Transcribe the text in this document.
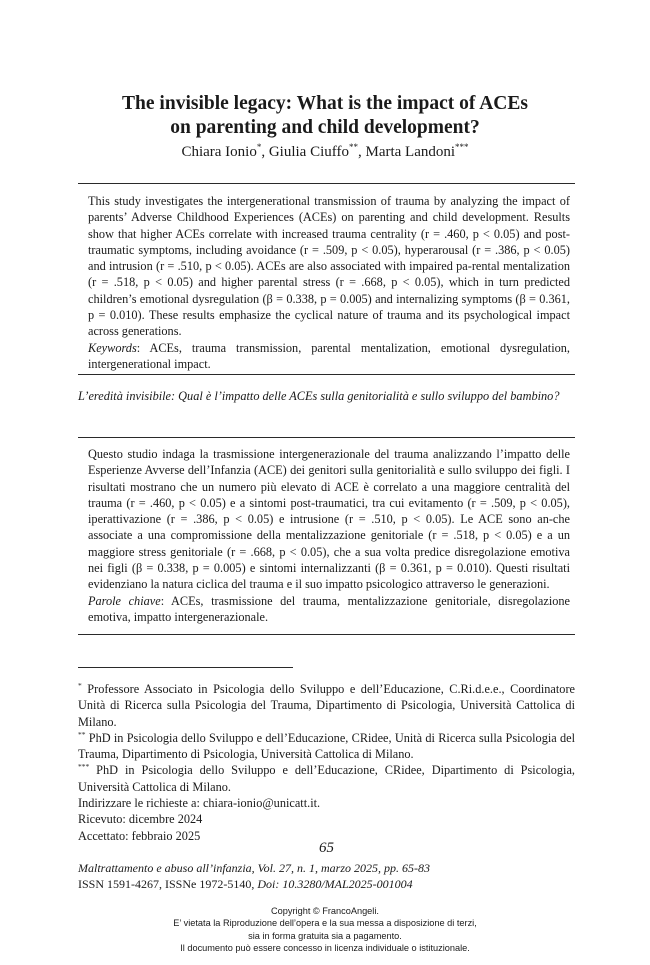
The invisible legacy: What is the impact of ACEs
on parenting and child development?
Chiara Ionio*, Giulia Ciuffo**, Marta Landoni***

This study investigates the intergenerational transmission of trauma by analyzing the impact of parents’ Adverse Childhood Experiences (ACEs) on parenting and child development. Results show that higher ACEs correlate with increased trauma centrality (r = .460, p < 0.05) and post-traumatic symptoms, including avoidance (r = .509, p < 0.05), hyperarousal (r = .386, p < 0.05) and intrusion (r = .510, p < 0.05). ACEs are also associated with impaired pa-rental mentalization (r = .518, p < 0.05) and higher parental stress (r = .668, p < 0.05), which in turn predicted children’s emotional dysregulation (β = 0.338, p = 0.005) and internalizing symptoms (β = 0.361, p = 0.010). These results emphasize the cyclical nature of trauma and its psychological impact across generations.

Keywords: ACEs, trauma transmission, parental mentalization, emotional dysregulation, intergenerational impact.

L’eredità invisibile: Qual è l’impatto delle ACEs sulla genitorialità e sullo sviluppo del bambino?

Questo studio indaga la trasmissione intergenerazionale del trauma analizzando l’impatto delle Esperienze Avverse dell’Infanzia (ACE) dei genitori sulla genitorialità e sullo sviluppo dei figli. I risultati mostrano che un numero più elevato di ACE è correlato a una maggiore centralità del trauma (r = .460, p < 0.05) e a sintomi post-traumatici, tra cui evitamento (r = .509, p < 0.05), iperattivazione (r = .386, p < 0.05) e intrusione (r = .510, p < 0.05). Le ACE sono an-che associate a una compromissione della mentalizzazione genitoriale (r = .518, p < 0.05) e a un maggiore stress genitoriale (r = .668, p < 0.05), che a sua volta predice disregolazione emotiva nei figli (β = 0.338, p = 0.005) e sintomi internalizzanti (β = 0.361, p = 0.010). Questi risultati evidenziano la natura ciclica del trauma e il suo impatto psicologico attraverso le generazioni.

Parole chiave: ACEs, trasmissione del trauma, mentalizzazione genitoriale, disregolazione emotiva, impatto intergenerazionale.

* Professore Associato in Psicologia dello Sviluppo e dell’Educazione, C.Ri.d.e.e., Coordinatore Unità di Ricerca sulla Psicologia del Trauma, Dipartimento di Psicologia, Università Cattolica di Milano.

** PhD in Psicologia dello Sviluppo e dell’Educazione, CRidee, Unità di Ricerca sulla Psicologia del Trauma, Dipartimento di Psicologia, Università Cattolica di Milano.

*** PhD in Psicologia dello Sviluppo e dell’Educazione, CRidee, Dipartimento di Psicologia, Università Cattolica di Milano.

Indirizzare le richieste a: chiara-ionio@unicatt.it.

Ricevuto: dicembre 2024

Accettato: febbraio 2025

65

Maltrattamento e abuso all’infanzia, Vol. 27, n. 1, marzo 2025, pp. 65-83

ISSN 1591-4267, ISSNe 1972-5140, Doi: 10.3280/MAL2025-001004

Copyright © FrancoAngeli.

E’ vietata la Riproduzione dell’opera e la sua messa a disposizione di terzi,

sia in forma gratuita sia a pagamento.

Il documento può essere concesso in licenza individuale o istituzionale.
